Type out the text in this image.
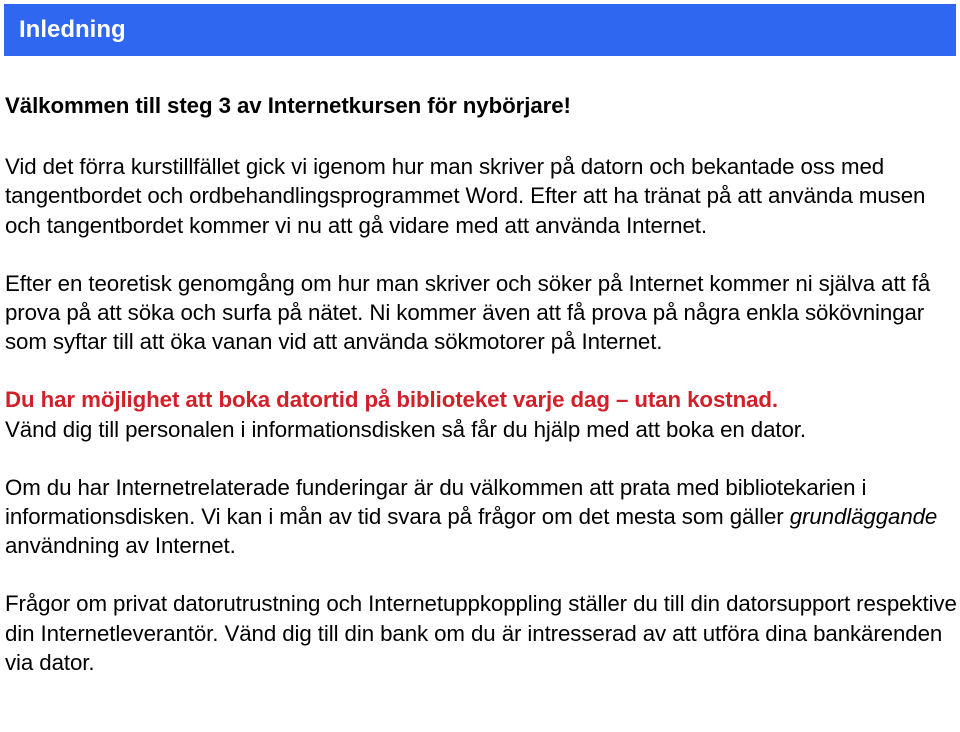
Inledning

Välkommen till steg 3 av Internetkursen för nybörjare!

Vid det förra kurstillfället gick vi igenom hur man skriver på datorn och bekantade oss med tangentbordet och ordbehandlingsprogrammet Word. Efter att ha tränat på att använda musen och tangentbordet kommer vi nu att gå vidare med att använda Internet.

Efter en teoretisk genomgång om hur man skriver och söker på Internet kommer ni själva att få prova på att söka och surfa på nätet. Ni kommer även att få prova på några enkla sökövningar som syftar till att öka vanan vid att använda sökmotorer på Internet.

Du har möjlighet att boka datortid på biblioteket varje dag – utan kostnad.
Vänd dig till personalen i informationsdisken så får du hjälp med att boka en dator.

Om du har Internetrelaterade funderingar är du välkommen att prata med bibliotekarien i informationsdisken. Vi kan i mån av tid svara på frågor om det mesta som gäller grundläggande användning av Internet.

Frågor om privat datorutrustning och Internetuppkoppling ställer du till din datorsupport respektive din Internetleverantör. Vänd dig till din bank om du är intresserad av att utföra dina bankärenden via dator.
